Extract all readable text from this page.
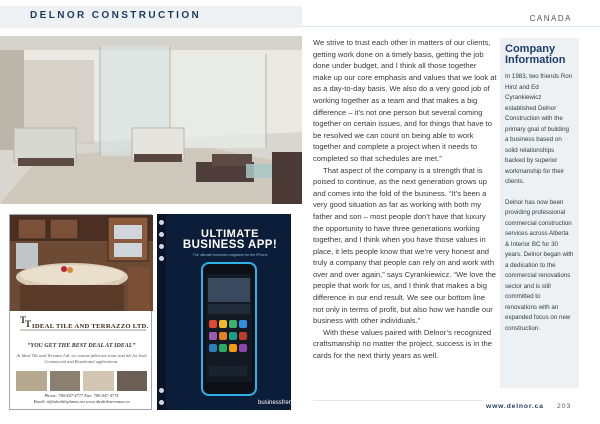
DELNOR CONSTRUCTION	CANADA
T
T IDEAL TILE AND TERRAZZO LTD.
“YOU GET THE BEST DEAL AT IDEAL”
At Ideal Tile and Terrazzo Ltd. we custom fabricate stone and tile for both Commercial and Residential applications.
Phone: 780-447-4777 Fax: 780-447-4774
Email: tt@idealtileplanet.net www.idealtileterrazzo.ca
ULTIMATE
BUSINESS APP!
The ultimate business magazine for the iPhone
businessfrend

We strive to trust each other in matters of our clients, getting work done on a timely basis, getting the job done under budget, and I think all those together make up our core emphasis and values that we look at as a day-to-day basis. We also do a very good job of working together as a team and that makes a big difference – it’s not one person but several coming together on certain issues, and for things that have to be resolved we can count on being able to work together and complete a project when it needs to completed so that schedules are met.”

That aspect of the company is a strength that is poised to continue, as the next generation grows up and comes into the fold of the business. “It’s been a very good situation as far as working with both my father and son – most people don’t have that luxury the opportunity to have three generations working together, and I think when you have those values in place, it lets people know that we’re very honest and truly a company that people can rely on and work with over and over again,” says Cyrankiewicz. “We love the people that work for us, and I think that makes a big difference in our end result. We see our bottom line not only in terms of profit, but also how we handle our business with other individuals.”

With these values paired with Delnor’s recognized craftsmanship no matter the project, success is in the cards for the next thirty years as well.

Company
Information
In 1983, two friends Ron Hinz and Ed Cyrankiewicz established Delnor Construction with the primary goal of building a business based on solid relationships backed by superior workmanship for their clients.
Delnor has now been providing professional commercial construction services across Alberta & Interior BC for 30 years. Delnor began with a dedication to the commercial renovations sector and is still committed to renovations with an expanded focus on new construction.
www.delnor.ca 203
